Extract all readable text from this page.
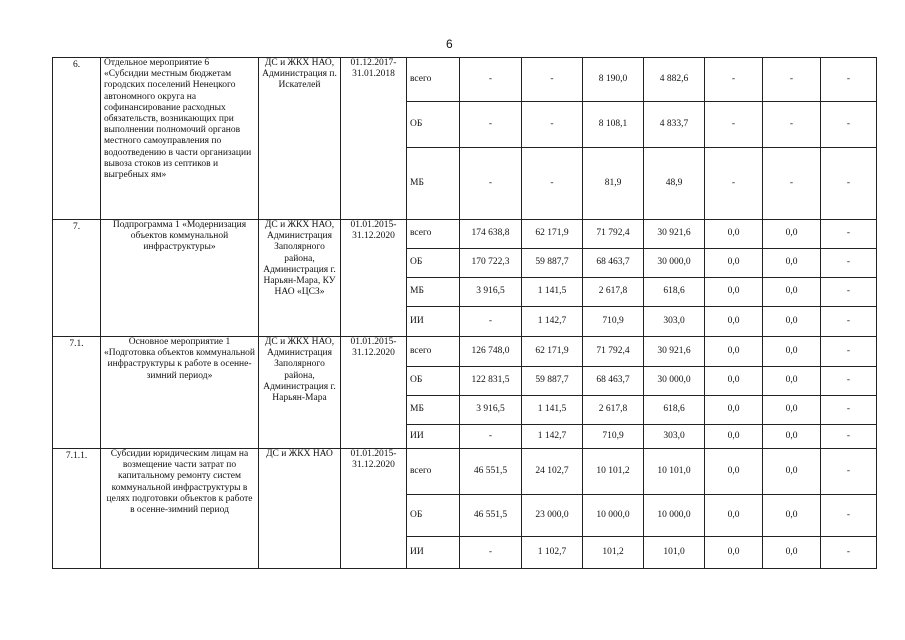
6
6.	Отдельное мероприятие 6 «Субсидии местным бюджетам городских поселений Ненецкого автономного округа на софинансирование расходных обязательств, возникающих при выполнении полномочий органов местного самоуправления по водоотведению в части организации вывоза стоков из септиков и выгребных ям»	ДС и ЖКХ НАО, Администрация п. Искателей	01.12.2017-31.01.2018	всего	-	-	8 190,0	4 882,6	-	-	-
				ОБ	-	-	8 108,1	4 833,7	-	-	-
				МБ	-	-	81,9	48,9	-	-	-
7.	Подпрограмма 1 «Модернизация объектов коммунальной инфраструктуры»	ДС и ЖКХ НАО, Администрация Заполярного района, Администрация г. Нарьян-Мара, КУ НАО «ЦСЗ»	01.01.2015-31.12.2020	всего	174 638,8	62 171,9	71 792,4	30 921,6	0,0	0,0	-
				ОБ	170 722,3	59 887,7	68 463,7	30 000,0	0,0	0,0	-
				МБ	3 916,5	1 141,5	2 617,8	618,6	0,0	0,0	-
				ИИ	-	1 142,7	710,9	303,0	0,0	0,0	-
7.1.	Основное мероприятие 1 «Подготовка объектов коммунальной инфраструктуры к работе в осенне-зимний период»	ДС и ЖКХ НАО, Администрация Заполярного района, Администрация г. Нарьян-Мара	01.01.2015-31.12.2020	всего	126 748,0	62 171,9	71 792,4	30 921,6	0,0	0,0	-
				ОБ	122 831,5	59 887,7	68 463,7	30 000,0	0,0	0,0	-
				МБ	3 916,5	1 141,5	2 617,8	618,6	0,0	0,0	-
				ИИ	-	1 142,7	710,9	303,0	0,0	0,0	-
7.1.1.	Субсидии юридическим лицам на возмещение части затрат по капитальному ремонту систем коммунальной инфраструктуры в целях подготовки объектов к работе в осенне-зимний период	ДС и ЖКХ НАО	01.01.2015-31.12.2020	всего	46 551,5	24 102,7	10 101,2	10 101,0	0,0	0,0	-
				ОБ	46 551,5	23 000,0	10 000,0	10 000,0	0,0	0,0	-
				ИИ	-	1 102,7	101,2	101,0	0,0	0,0	-
